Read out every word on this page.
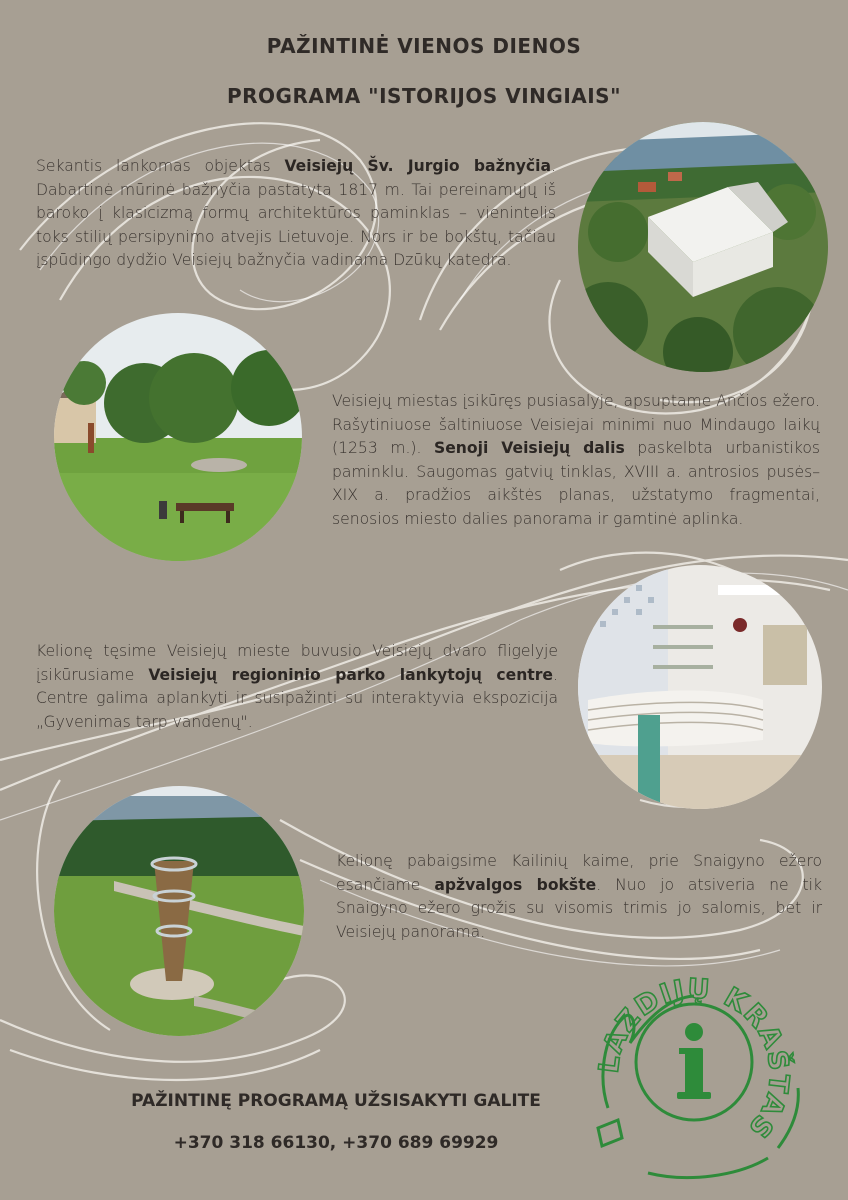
PAŽINTINĖ VIENOS DIENOS
PROGRAMA "ISTORIJOS VINGIAIS"

Sekantis lankomas objektas Veisiejų Šv. Jurgio bažnyčia. Dabartinė mūrinė bažnyčia pastatyta 1817 m. Tai pereinamųjų iš baroko į klasicizmą formų architektūros paminklas – vienintelis toks stilių persipynimo atvejis Lietuvoje. Nors ir be bokštų, tačiau įspūdingo dydžio Veisiejų bažnyčia vadinama Dzūkų katedra.

Veisiejų miestas įsikūręs pusiasalyje, apsuptame Ančios ežero. Rašytiniuose šaltiniuose Veisiejai minimi nuo Mindaugo laikų (1253 m.). Senoji Veisiejų dalis paskelbta urbanistikos paminklu. Saugomas gatvių tinklas, XVIII a. antrosios pusės–XIX a. pradžios aikštės planas, užstatymo fragmentai, senosios miesto dalies panorama ir gamtinė aplinka.

Kelionę tęsime Veisiejų mieste buvusio Veisiejų dvaro fligelyje įsikūrusiame Veisiejų regioninio parko lankytojų centre. Centre galima aplankyti ir susipažinti su interaktyvia ekspozicija „Gyvenimas tarp vandenų".

Kelionę pabaigsime Kailinių kaime, prie Snaigyno ežero esančiame apžvalgos bokšte. Nuo jo atsiveria ne tik Snaigyno ežero grožis su visomis trimis jo salomis, bet ir Veisiejų panorama.

PAŽINTINĘ PROGRAMĄ UŽSISAKYTI GALITE

+370 318 66130, +370 689 69929

LAZDIJŲ KRAŠTAS
